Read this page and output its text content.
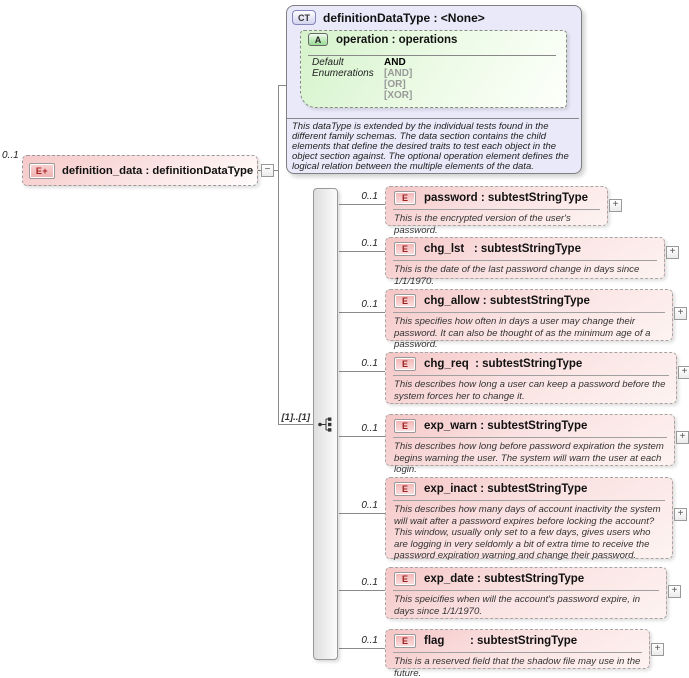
CT	definitionDataType : <None>
A	operation : operations
Default	AND
Enumerations [AND]
[OR]
[XOR]
This dataType is extended by the individual tests found in the different family schemas. The data section contains the child elements that define the desired traits to test each object in the object section against. The optional operation element defines the logical relation between the multiple elements of the data.
0..1
E+	definition_data : definitionDataType	−
[1]..[1]
0..1
0..1
0..1
0..1
0..1
0..1
0..1
0..1
E	password : subtestStringType
This is the encrypted version of the user's password.
E	chg_lst   : subtestStringType
This is the date of the last password change in days since 1/1/1970.
E	chg_allow : subtestStringType
This specifies how often in days a user may change their password. It can also be thought of as the minimum age of a password.
E	chg_req  : subtestStringType
This describes how long a user can keep a password before the system forces her to change it.
E	exp_warn : subtestStringType
This describes how long before password expiration the system begins warning the user. The system will warn the user at each login.
E	exp_inact : subtestStringType
This describes how many days of account inactivity the system will wait after a password expires before locking the account? This window, usually only set to a few days, gives users who are logging in very seldomly a bit of extra time to receive the password expiration warning and change their password.
E	exp_date : subtestStringType
This speicifies when will the account's password expire, in days since 1/1/1970.
E	flag        : subtestStringType
This is a reserved field that the shadow file may use in the future.
+
+
+
+
+
+
+
+
